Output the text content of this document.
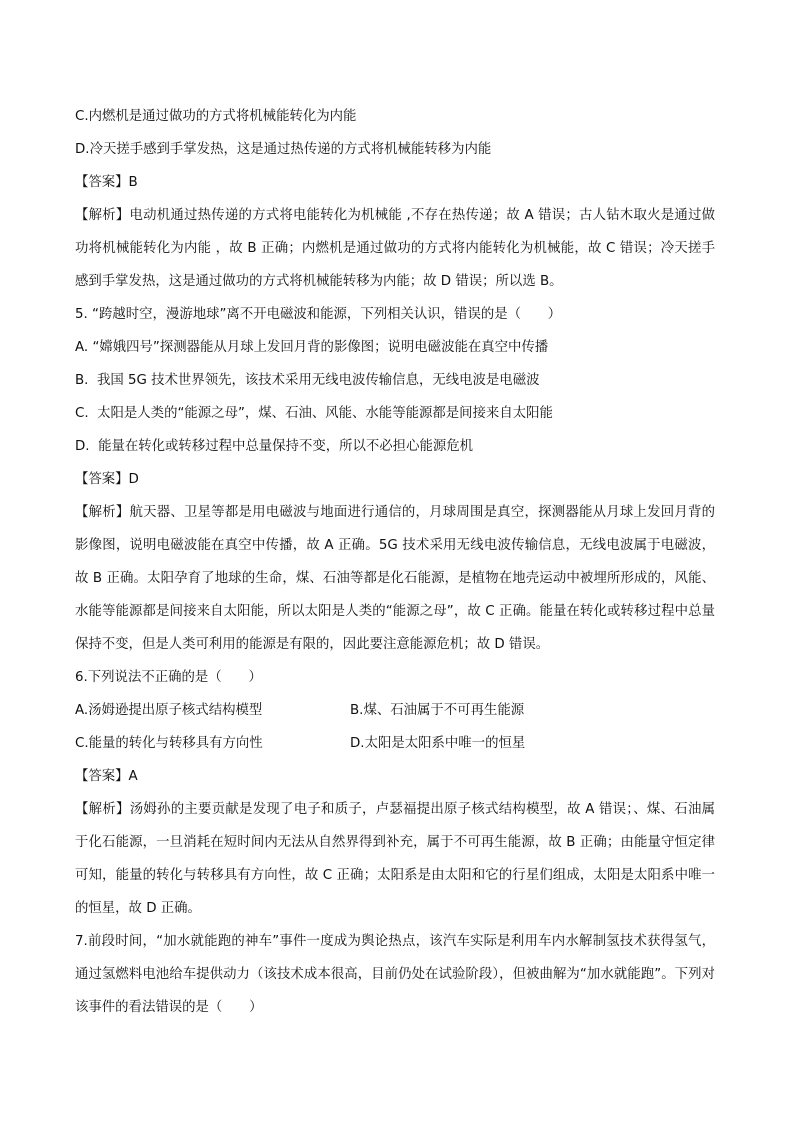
C.内燃机是通过做功的方式将机械能转化为内能
D.冷天搓手感到手掌发热，这是通过热传递的方式将机械能转移为内能
【答案】B
【解析】电动机通过热传递的方式将电能转化为机械能 ,不存在热传递；故 A 错误；古人钻木取火是通过做功将机械能转化为内能 ，故 B 正确；内燃机是通过做功的方式将内能转化为机械能，故 C 错误；冷天搓手感到手掌发热，这是通过做功的方式将机械能转移为内能；故 D 错误；所以选 B。
5. “跨越时空，漫游地球”离不开电磁波和能源，下列相关认识，错误的是（　　）
A. “嫦娥四号”探测器能从月球上发回月背的影像图；说明电磁波能在真空中传播
B.  我国 5G 技术世界领先，该技术采用无线电波传输信息，无线电波是电磁波
C.  太阳是人类的“能源之母”，煤、石油、风能、水能等能源都是间接来自太阳能
D.  能量在转化或转移过程中总量保持不变，所以不必担心能源危机
【答案】D
【解析】航天器、卫星等都是用电磁波与地面进行通信的，月球周围是真空，探测器能从月球上发回月背的影像图，说明电磁波能在真空中传播，故 A 正确。5G 技术采用无线电波传输信息，无线电波属于电磁波，故 B 正确。太阳孕育了地球的生命，煤、石油等都是化石能源，是植物在地壳运动中被埋所形成的，风能、水能等能源都是间接来自太阳能，所以太阳是人类的“能源之母”，故 C 正确。能量在转化或转移过程中总量保持不变，但是人类可利用的能源是有限的，因此要注意能源危机；故 D 错误。
6.下列说法不正确的是（　　）
A.汤姆逊提出原子核式结构模型	B.煤、石油属于不可再生能源
C.能量的转化与转移具有方向性	D.太阳是太阳系中唯一的恒星
【答案】A
【解析】汤姆孙的主要贡献是发现了电子和质子，卢瑟福提出原子核式结构模型，故 A 错误；、煤、石油属于化石能源，一旦消耗在短时间内无法从自然界得到补充，属于不可再生能源，故 B 正确；由能量守恒定律可知，能量的转化与转移具有方向性，故 C 正确；太阳系是由太阳和它的行星们组成，太阳是太阳系中唯一的恒星，故 D 正确。
7.前段时间，“加水就能跑的神车”事件一度成为舆论热点，该汽车实际是利用车内水解制氢技术获得氢气，通过氢燃料电池给车提供动力（该技术成本很高，目前仍处在试验阶段），但被曲解为“加水就能跑”。下列对该事件的看法错误的是（　　）
